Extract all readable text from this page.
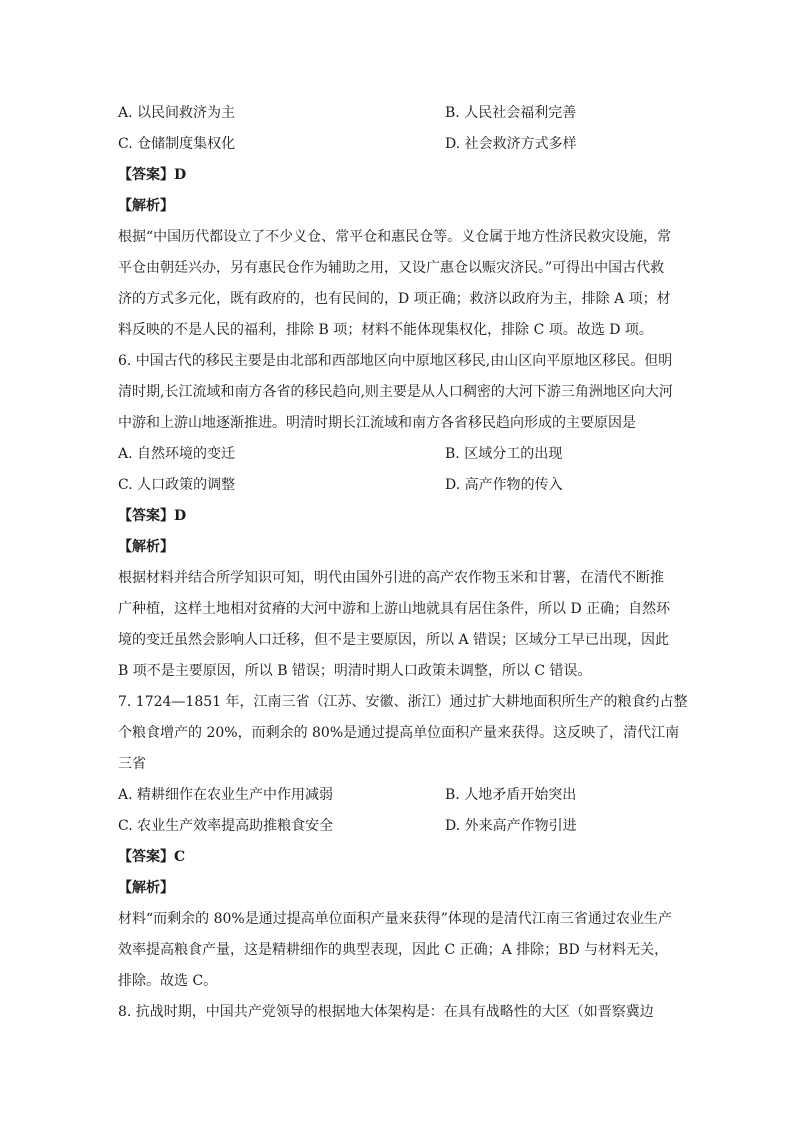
A. 以民间救济为主	B. 人民社会福利完善
C. 仓储制度集权化	D. 社会救济方式多样
【答案】D
【解析】
根据“中国历代都设立了不少义仓、常平仓和惠民仓等。义仓属于地方性济民救灾设施，常
平仓由朝廷兴办，另有惠民仓作为辅助之用，又设广惠仓以赈灾济民。”可得出中国古代救
济的方式多元化，既有政府的，也有民间的，D 项正确；救济以政府为主，排除 A 项；材
料反映的不是人民的福利，排除 B 项；材料不能体现集权化，排除 C 项。故选 D 项。
6. 中国古代的移民主要是由北部和西部地区向中原地区移民,由山区向平原地区移民。但明
清时期,长江流域和南方各省的移民趋向,则主要是从人口稠密的大河下游三角洲地区向大河
中游和上游山地逐渐推进。明清时期长江流域和南方各省移民趋向形成的主要原因是
A. 自然环境的变迁	B. 区域分工的出现
C. 人口政策的调整	D. 高产作物的传入
【答案】D
【解析】
根据材料并结合所学知识可知，明代由国外引进的高产农作物玉米和甘薯，在清代不断推
广种植，这样土地相对贫瘠的大河中游和上游山地就具有居住条件，所以 D 正确；自然环
境的变迁虽然会影响人口迁移，但不是主要原因，所以 A 错误；区域分工早已出现，因此
B 项不是主要原因，所以 B 错误；明清时期人口政策未调整，所以 C 错误。
7. 1724—1851 年，江南三省（江苏、安徽、浙江）通过扩大耕地面积所生产的粮食约占整
个粮食增产的 20%，而剩余的 80%是通过提高单位面积产量来获得。这反映了，清代江南
三省
A. 精耕细作在农业生产中作用减弱	B. 人地矛盾开始突出
C. 农业生产效率提高助推粮食安全	D. 外来高产作物引进
【答案】C
【解析】
材料“而剩余的 80%是通过提高单位面积产量来获得”体现的是清代江南三省通过农业生产
效率提高粮食产量，这是精耕细作的典型表现，因此 C 正确；A 排除；BD 与材料无关，
排除。故选 C。
8. 抗战时期，中国共产党领导的根据地大体架构是：在具有战略性的大区（如晋察冀边
